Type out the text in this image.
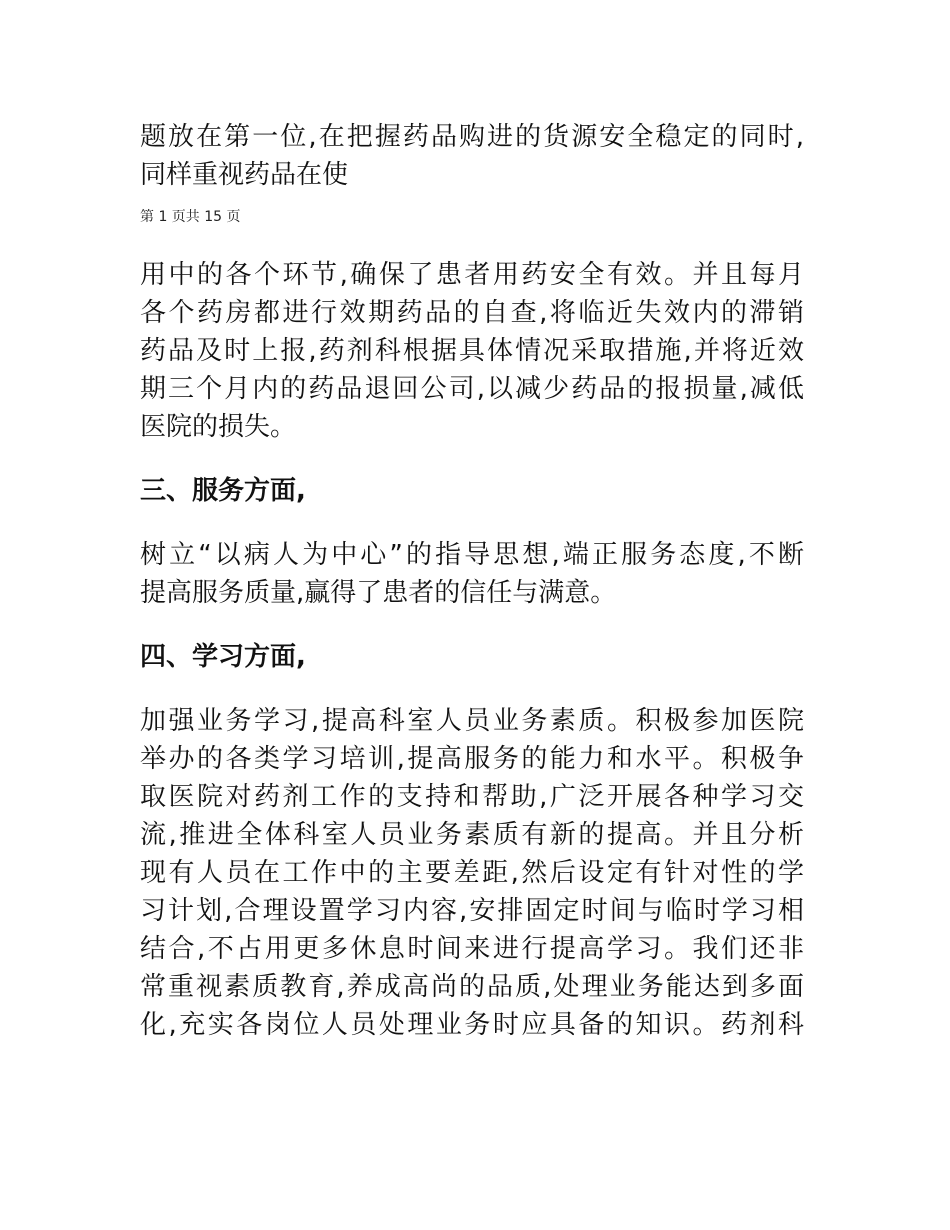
题放在第一位,在把握药品购进的货源安全稳定的同时,
同样重视药品在使

第 1 页共 15 页

用中的各个环节,确保了患者用药安全有效。并且每月
各个药房都进行效期药品的自查,将临近失效内的滞销
药品及时上报,药剂科根据具体情况采取措施,并将近效
期三个月内的药品退回公司,以减少药品的报损量,减低
医院的损失。

三、服务方面,

树立“以病人为中心”的指导思想,端正服务态度,不断
提高服务质量,赢得了患者的信任与满意。

四、学习方面,

加强业务学习,提高科室人员业务素质。积极参加医院
举办的各类学习培训,提高服务的能力和水平。积极争
取医院对药剂工作的支持和帮助,广泛开展各种学习交
流,推进全体科室人员业务素质有新的提高。并且分析
现有人员在工作中的主要差距,然后设定有针对性的学
习计划,合理设置学习内容,安排固定时间与临时学习相
结合,不占用更多休息时间来进行提高学习。我们还非
常重视素质教育,养成高尚的品质,处理业务能达到多面
化,充实各岗位人员处理业务时应具备的知识。药剂科
